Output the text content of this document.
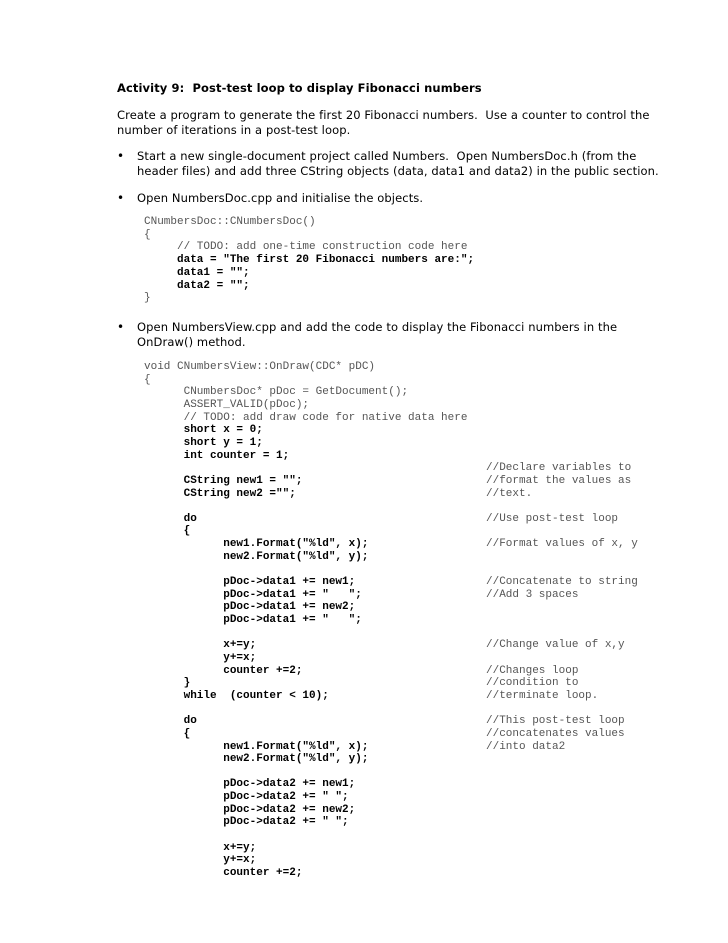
Activity 9:  Post-test loop to display Fibonacci numbers
Create a program to generate the first 20 Fibonacci numbers.  Use a counter to control the
number of iterations in a post-test loop.
• Start a new single-document project called Numbers.  Open NumbersDoc.h (from the
header files) and add three CString objects (data, data1 and data2) in the public section.
• Open NumbersDoc.cpp and initialise the objects.
CNumbersDoc::CNumbersDoc()
{
// TODO: add one-time construction code here
data = "The first 20 Fibonacci numbers are:";
data1 = "";
data2 = "";
}
• Open NumbersView.cpp and add the code to display the Fibonacci numbers in the
OnDraw() method.
void CNumbersView::OnDraw(CDC* pDC)
{
CNumbersDoc* pDoc = GetDocument();
ASSERT_VALID(pDoc);
// TODO: add draw code for native data here
short x = 0;
short y = 1;
int counter = 1;
//Declare variables to
CString new1 = "";	//format the values as
CString new2 ="";	//text.
do	//Use post-test loop
{
new1.Format("%ld", x);	//Format values of x, y
new2.Format("%ld", y);
pDoc->data1 += new1;	//Concatenate to string
pDoc->data1 += "   ";	//Add 3 spaces
pDoc->data1 += new2;
pDoc->data1 += "   ";
x+=y;	//Change value of x,y
y+=x;
counter +=2;	//Changes loop
}	//condition to
while  (counter < 10);	//terminate loop.
do	//This post-test loop
{	//concatenates values
new1.Format("%ld", x);	//into data2
new2.Format("%ld", y);
pDoc->data2 += new1;
pDoc->data2 += " ";
pDoc->data2 += new2;
pDoc->data2 += " ";
x+=y;
y+=x;
counter +=2;
